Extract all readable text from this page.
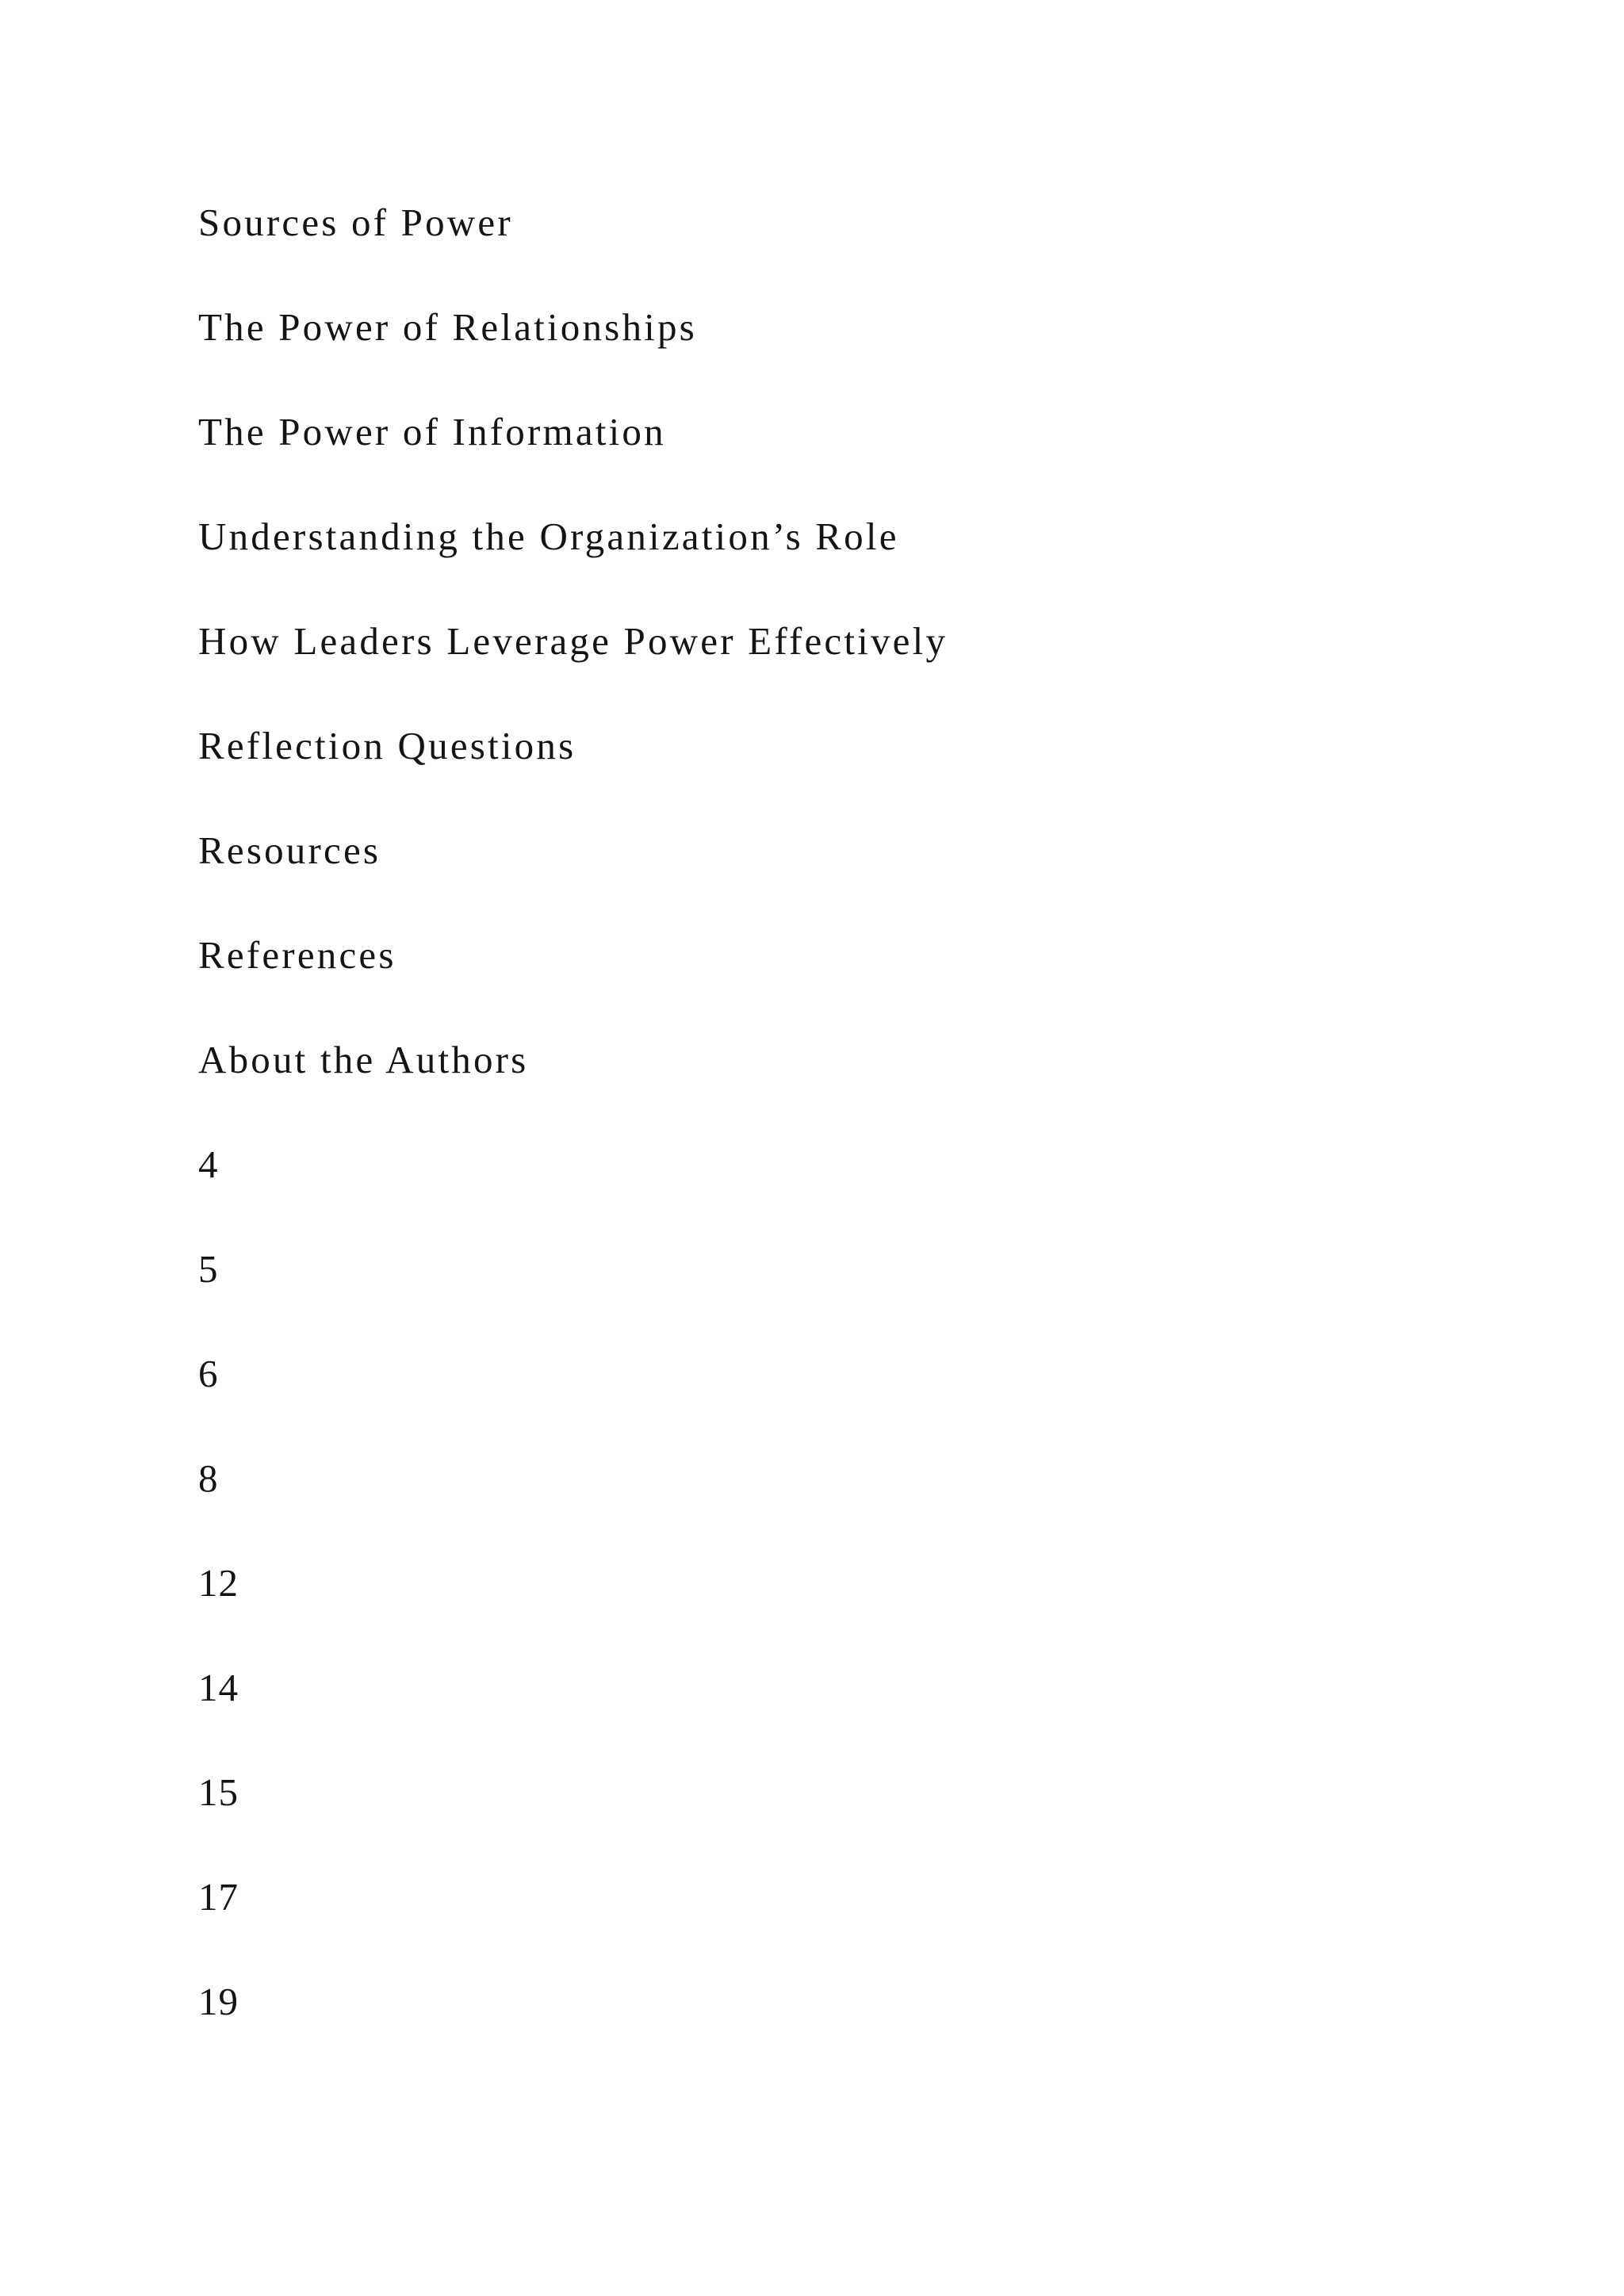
Sources of Power
The Power of Relationships
The Power of Information
Understanding the Organization’s Role
How Leaders Leverage Power Effectively
Reflection Questions
Resources
References
About the Authors
4
5
6
8
12
14
15
17
19
